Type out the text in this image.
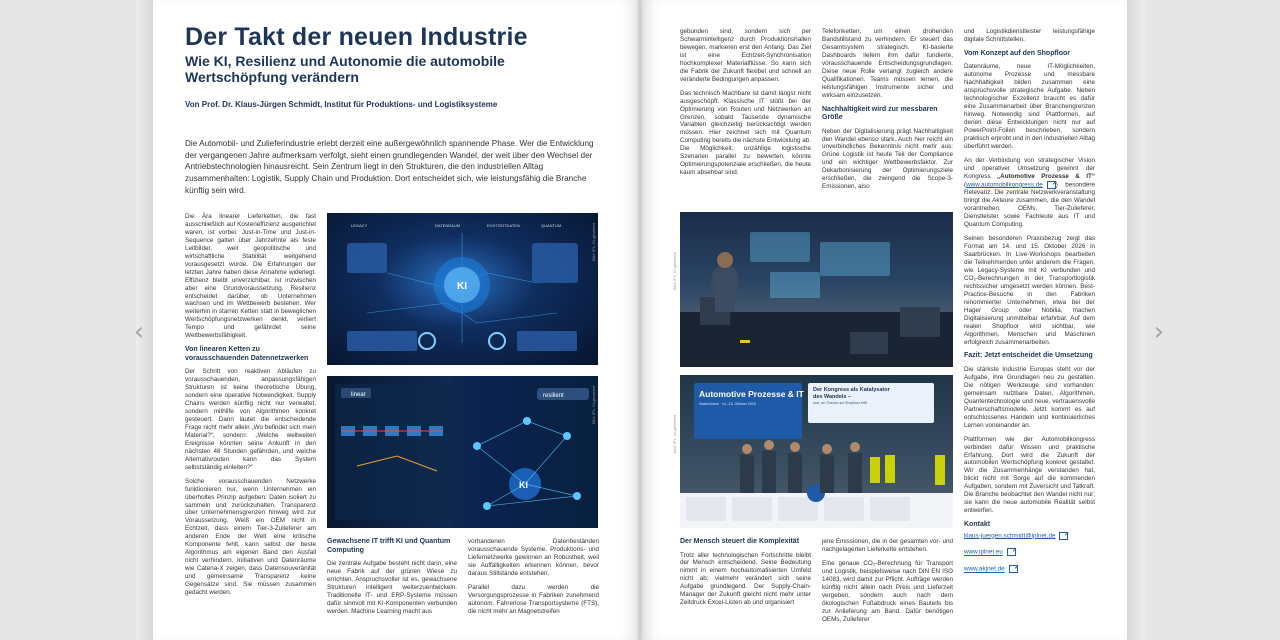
‹	›
Der Takt der neuen Industrie
Wie KI, Resilienz und Autonomie die automobile Wertschöpfung verändern
Von Prof. Dr. Klaus-Jürgen Schmidt, Institut für Produktions- und Logistiksysteme
Die Automobil- und Zulieferindustrie erlebt derzeit eine außergewöhnlich spannende Phase. Wer die Entwicklung der vergangenen Jahre aufmerksam verfolgt, sieht einen grundlegenden Wandel, der weit über den Wechsel der Antriebstechnologien hinausreicht. Sein Zentrum liegt in den Strukturen, die den industriellen Alltag zusammenhalten: Logistik, Supply Chain und Produktion. Dort entscheidet sich, wie leistungsfähig die Branche künftig sein wird.

Die Ära linearer Lieferketten, die fast ausschließlich auf Kosteneffizienz ausgerichtet waren, ist vorbei. Just-in-Time und Just-in-Sequence galten über Jahrzehnte als feste Leitbilder, weil geopolitische und wirtschaftliche Stabilität weitgehend vorausgesetzt wurde. Die Erfahrungen der letzten Jahre haben diese Annahme widerlegt. Effizienz bleibt unverzichtbar, ist inzwischen aber eine Grundvoraussetzung. Resilienz entscheidet darüber, ob Unternehmen wachsen und im Wettbewerb bestehen. Wer weiterhin in starren Ketten statt in beweglichen Wertschöpfungsnetzwerken denkt, verliert Tempo und gefährdet seine Wettbewerbsfähigkeit.

Von linearen Ketten zu vorausschauenden Datennetzwerken

Der Schritt von reaktiven Abläufen zu vorausschauenden, anpassungsfähigen Strukturen ist keine theoretische Übung, sondern eine operative Notwendigkeit. Supply Chains werden künftig nicht nur verwaltet, sondern mithilfe von Algorithmen konkret gesteuert. Dann lautet die entscheidende Frage nicht mehr allein „Wo befindet sich mein Material?“, sondern: „Welche weltweiten Ereignisse könnten seine Ankunft in den nächsten 48 Stunden gefährden, und welche Alternativrouten kann das System selbstständig einleiten?“

Solche vorausschauenden Netzwerke funktionieren nur, wenn Unternehmen ein überholtes Prinzip aufgeben: Daten isoliert zu sammeln und zurückzuhalten. Transparenz über Unternehmensgrenzen hinweg wird zur Voraussetzung. Weiß ein OEM nicht in Echtzeit, dass einem Tier-3-Zulieferer am anderen Ende der Welt eine kritische Komponente fehlt, kann selbst der beste Algorithmus am eigenen Band den Ausfall nicht verhindern. Initiativen und Datenräume wie Catena-X zeigen, dass Datensouveränität und gemeinsame Transparenz keine Gegensätze sind. Sie müssen zusammen gedacht werden.

LEGACY	DATENRAUM	ECHTZEITDATEN	QUANTUM
KI
Bild: IPL, KI-generiert
linear	resilient
KI
Bild: IPL, KI-generiert
Gewachsene IT trifft KI und Quantum Computing

Die zentrale Aufgabe besteht nicht darin, eine neue Fabrik auf der grünen Wiese zu errichten. Anspruchsvoller ist es, gewachsene Strukturen intelligent weiterzuentwickeln. Traditionelle IT- und ERP-Systeme müssen dafür sinnvoll mit KI-Komponenten verbunden werden. Machine Learning macht aus

vorhandenen Datenbeständen vorausschauende Systeme. Produktions- und Liefernetzwerke gewinnen an Robustheit, weil sie Auffälligkeiten erkennen können, bevor daraus Stillstände entstehen.

Parallel dazu werden die Versorgungsprozesse in Fabriken zunehmend autonom. Fahrerlose Transportsysteme (FTS), die nicht mehr an Magnetstreifen

gebunden sind, sondern sich per Schwarmintelligenz durch Produktionshallen bewegen, markieren erst den Anfang. Das Ziel ist eine Echtzeit-Synchronisation hochkomplexer Materialflüsse. So kann sich die Fabrik der Zukunft flexibel und schnell an veränderte Bedingungen anpassen.

Das technisch Machbare ist damit längst nicht ausgeschöpft. Klassische IT stößt bei der Optimierung von Routen und Netzwerken an Grenzen, sobald Tausende dynamische Variablen gleichzeitig berücksichtigt werden müssen. Hier zeichnet sich mit Quantum Computing bereits die nächste Entwicklung ab. Die Möglichkeit, unzählige logistische Szenarien parallel zu bewerten, könnte Optimierungspotenziale erschließen, die heute kaum absehbar sind.

Bild: IPL, KI-generiert
Automotive Prozesse & IT
Saarbrücken · 14.–15. Oktober 2026
Der Kongress als Katalysator des Wandels –
dort, wo Theorie auf Shopfloor trifft
Bild: IPL, KI-generiert
Der Mensch steuert die Komplexität

Trotz aller technologischen Fortschritte bleibt der Mensch entscheidend. Seine Bedeutung nimmt in einem hochautomatisierten Umfeld nicht ab; vielmehr verändert sich seine Aufgabe grundlegend. Der Supply-Chain-Manager der Zukunft gleicht nicht mehr unter Zeitdruck Excel-Listen ab und organisiert

Telefonketten, um einen drohenden Bandstillstand zu verhindern. Er steuert das Gesamtsystem strategisch. KI-basierte Dashboards liefern ihm dafür fundierte, vorausschauende Entscheidungsgrundlagen. Diese neue Rolle verlangt zugleich andere Qualifikationen. Teams müssen lernen, die leistungsfähigen Instrumente sicher und wirksam einzusetzen.

Nachhaltigkeit wird zur messbaren Größe

Neben der Digitalisierung prägt Nachhaltigkeit den Wandel ebenso stark. Auch hier reicht ein unverbindliches Bekenntnis nicht mehr aus: Grüne Logistik ist heute Teil der Compliance und ein wichtiger Wettbewerbsfaktor. Zur Dekarbonisierung der Optimierungsziele erschließen, die zwingend die Scope-3-Emissionen, also

jene Emissionen, die in der gesamten vor- und nachgelagerten Lieferkette entstehen.

Eine genaue CO₂-Berechnung für Transport und Logistik, beispielsweise nach DIN EN ISO 14083, wird damit zur Pflicht. Aufträge werden künftig nicht allein nach Preis und Lieferzeit vergeben, sondern auch nach dem ökologischen Fußabdruck eines Bauteils bis zur Anlieferung am Band. Dafür benötigen OEMs, Zulieferer

und Logistikdienstleister leistungsfähige digitale Schnittstellen.

Vom Konzept auf den Shopfloor

Datenräume, neue IT-Möglichkeiten, autonome Prozesse und messbare Nachhaltigkeit bilden zusammen eine anspruchsvolle strategische Aufgabe. Neben technologischer Exzellenz braucht es dafür eine Zusammenarbeit über Branchengrenzen hinweg. Notwendig sind Plattformen, auf denen diese Entwicklungen nicht nur auf PowerPoint-Folien beschrieben, sondern praktisch erprobt und in den industriellen Alltag überführt werden.

An der Verbindung von strategischer Vision und operativer Umsetzung gewinnt der Kongress „Automotive Prozesse & IT“ (www.automobilkongress.de ) besondere Relevanz. Die zentrale Netzwerkveranstaltung bringt die Akteure zusammen, die den Wandel vorantreiben: OEMs, Tier-Zulieferer, Dienstleister sowie Fachleute aus IT und Quantum Computing.

Seinen besonderen Praxisbezug zeigt das Format am 14. und 15. Oktober 2026 in Saarbrücken. In Live-Workshops bearbeiten die Teilnehmenden unter anderem die Fragen, wie Legacy-Systeme mit KI verbunden und CO₂-Berechnungen in der Transportlogistik rechtssicher umgesetzt werden können. Best-Practice-Besuche in den Fabriken renommierter Unternehmen, etwa bei der Hager Group oder Nobilia, machen Digitalisierung unmittelbar erfahrbar. Auf dem realen Shopfloor wird sichtbar, wie Algorithmen, Menschen und Maschinen erfolgreich zusammenarbeiten.

Fazit: Jetzt entscheidet die Umsetzung

Die stärkste Industrie Europas steht vor der Aufgabe, ihre Grundlagen neu zu gestalten. Die nötigen Werkzeuge sind vorhanden: gemeinsam nutzbare Daten, Algorithmen, Quantentechnologie und neue, vertrauensvolle Partnerschaftsmodelle. Jetzt kommt es auf entschlossenes Handeln und kontinuierliches Lernen voneinander an.

Plattformen wie der Automobilkongress verbinden dafür Wissen und praktische Erfahrung. Dort wird die Zukunft der automobilen Wertschöpfung konkret gestaltet. Wir die Zusammenhänge verstanden hat, blickt nicht mit Sorge auf die kommenden Aufgaben, sondern mit Zuversicht und Tatkraft. Die Branche beobachtet den Wandel nicht nur; sie kann die neue automobile Realität selbst entwerfen.

Kontakt
klaus-juergen.schmidt@iplnet.de
www.iplnet.eu
www.akjnet.de
